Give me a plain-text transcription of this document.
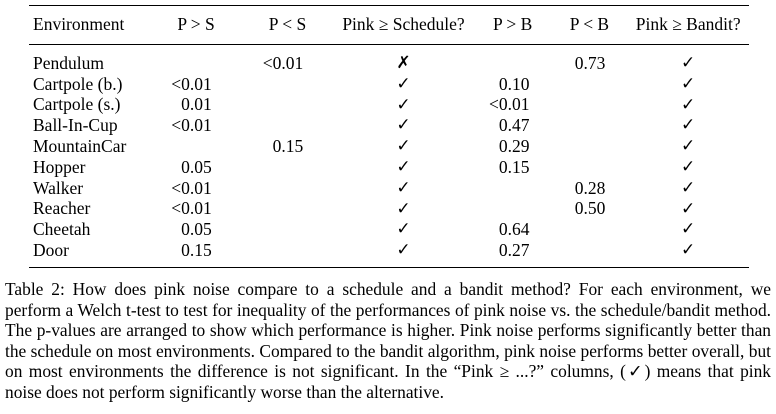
Environment	P > S	P < S	Pink ≥ Schedule?	P > B	P < B	Pink ≥ Bandit?
Pendulum		<0.01	✗		0.73	✓
Cartpole (b.)	<0.01		✓	0.10		✓
Cartpole (s.)	0.01		✓	<0.01		✓
Ball-In-Cup	<0.01		✓	0.47		✓
MountainCar		0.15	✓	0.29		✓
Hopper	0.05		✓	0.15		✓
Walker	<0.01		✓		0.28	✓
Reacher	<0.01		✓		0.50	✓
Cheetah	0.05		✓	0.64		✓
Door	0.15		✓	0.27		✓
Table 2: How does pink noise compare to a schedule and a bandit method? For each environment, we perform a Welch t-test to test for inequality of the performances of pink noise vs. the schedule/bandit method. The p-values are arranged to show which performance is higher. Pink noise performs significantly better than the schedule on most environments. Compared to the bandit algorithm, pink noise performs better overall, but on most environments the difference is not significant. In the “Pink ≥ ...?” columns, (✓) means that pink noise does not perform significantly worse than the alternative.
